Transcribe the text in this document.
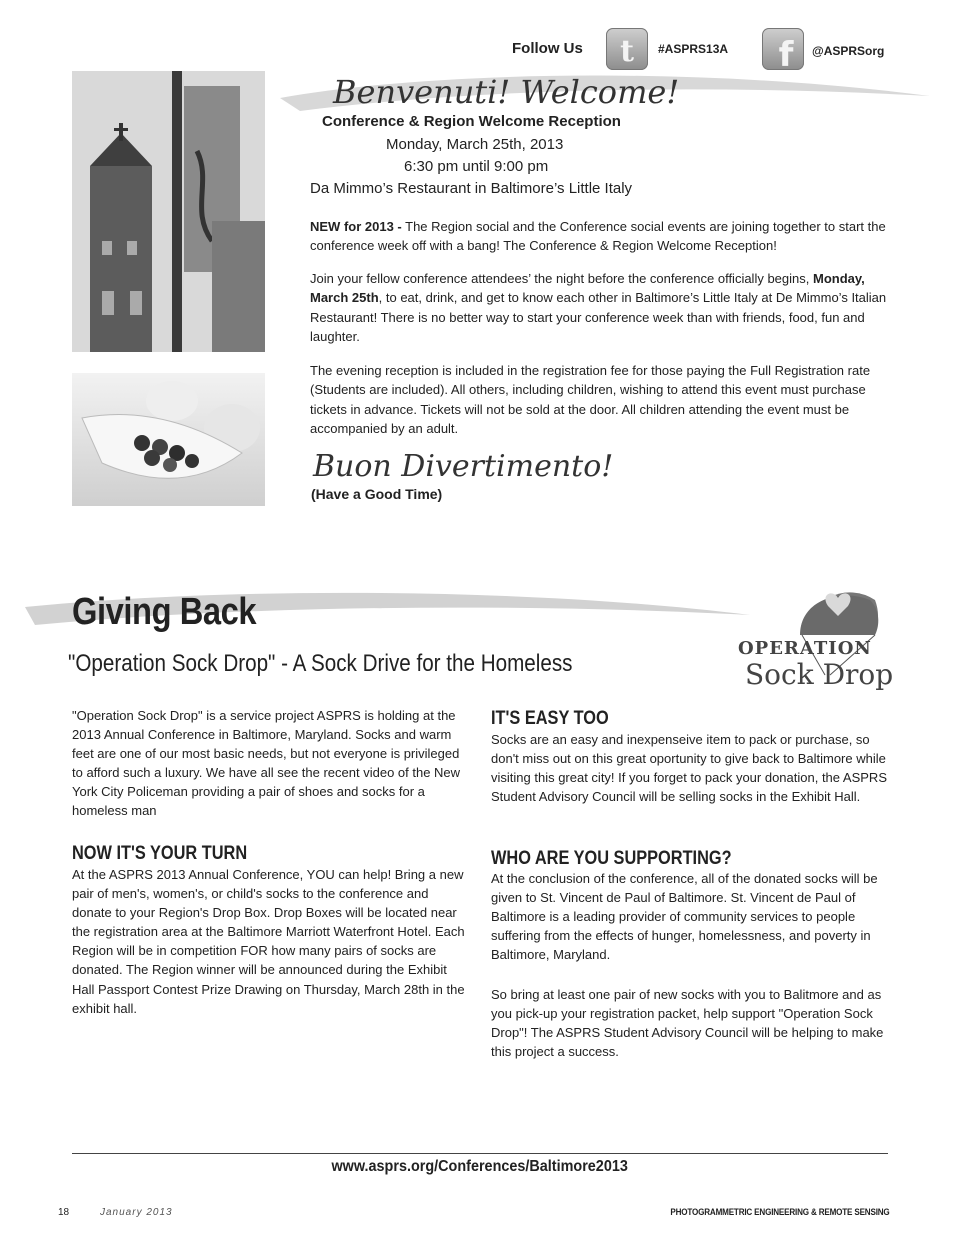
Follow Us t #ASPRS13A f @ASPRSorg
Benvenuti! Welcome!
Conference & Region Welcome Reception
Monday, March 25th, 2013
6:30 pm until 9:00 pm
Da Mimmo’s Restaurant in Baltimore’s Little Italy
NEW for 2013 - The Region social and the Conference social events are joining together to start the conference week off with a bang! The Conference & Region Welcome Reception!
Join your fellow conference attendees’ the night before the conference officially begins, Monday, March 25th, to eat, drink, and get to know each other in Baltimore’s Little Italy at De Mimmo’s Italian Restaurant! There is no better way to start your conference week than with friends, food, fun and laughter.
The evening reception is included in the registration fee for those paying the Full Registration rate (Students are included). All others, including children, wishing to attend this event must purchase tickets in advance. Tickets will not be sold at the door. All children attending the event must be accompanied by an adult.
Buon Divertimento!
(Have a Good Time)
Giving Back
"Operation Sock Drop" - A Sock Drive for the Homeless
OPERATION
Sock Drop
"Operation Sock Drop" is a service project ASPRS is holding at the 2013 Annual Conference in Baltimore, Maryland. Socks and warm feet are one of our most basic needs, but not everyone is privileged to afford such a luxury. We have all see the recent video of the New York City Policeman providing a pair of shoes and socks for a homeless man
NOW IT'S YOUR TURN
At the ASPRS 2013 Annual Conference, YOU can help! Bring a new pair of men's, women's, or child's socks to the conference and donate to your Region's Drop Box. Drop Boxes will be located near the registration area at the Baltimore Marriott Waterfront Hotel. Each Region will be in competition FOR how many pairs of socks are donated. The Region winner will be announced during the Exhibit Hall Passport Contest Prize Drawing on Thursday, March 28th in the exhibit hall.
IT'S EASY TOO
Socks are an easy and inexpenseive item to pack or purchase, so don't miss out on this great oportunity to give back to Baltimore while visiting this great city! If you forget to pack your donation, the ASPRS Student Advisory Council will be selling socks in the Exhibit Hall.
WHO ARE YOU SUPPORTING?
At the conclusion of the conference, all of the donated socks will be given to St. Vincent de Paul of Baltimore. St. Vincent de Paul of Baltimore is a leading provider of community services to people suffering from the effects of hunger, homelessness, and poverty in Baltimore, Maryland.
So bring at least one pair of new socks with you to Balitmore and as you pick-up your registration packet, help support "Operation Sock Drop"! The ASPRS Student Advisory Council will be helping to make this project a success.
www.asprs.org/Conferences/Baltimore2013
18	January 2013	PHOTOGRAMMETRIC ENGINEERING & REMOTE SENSING
